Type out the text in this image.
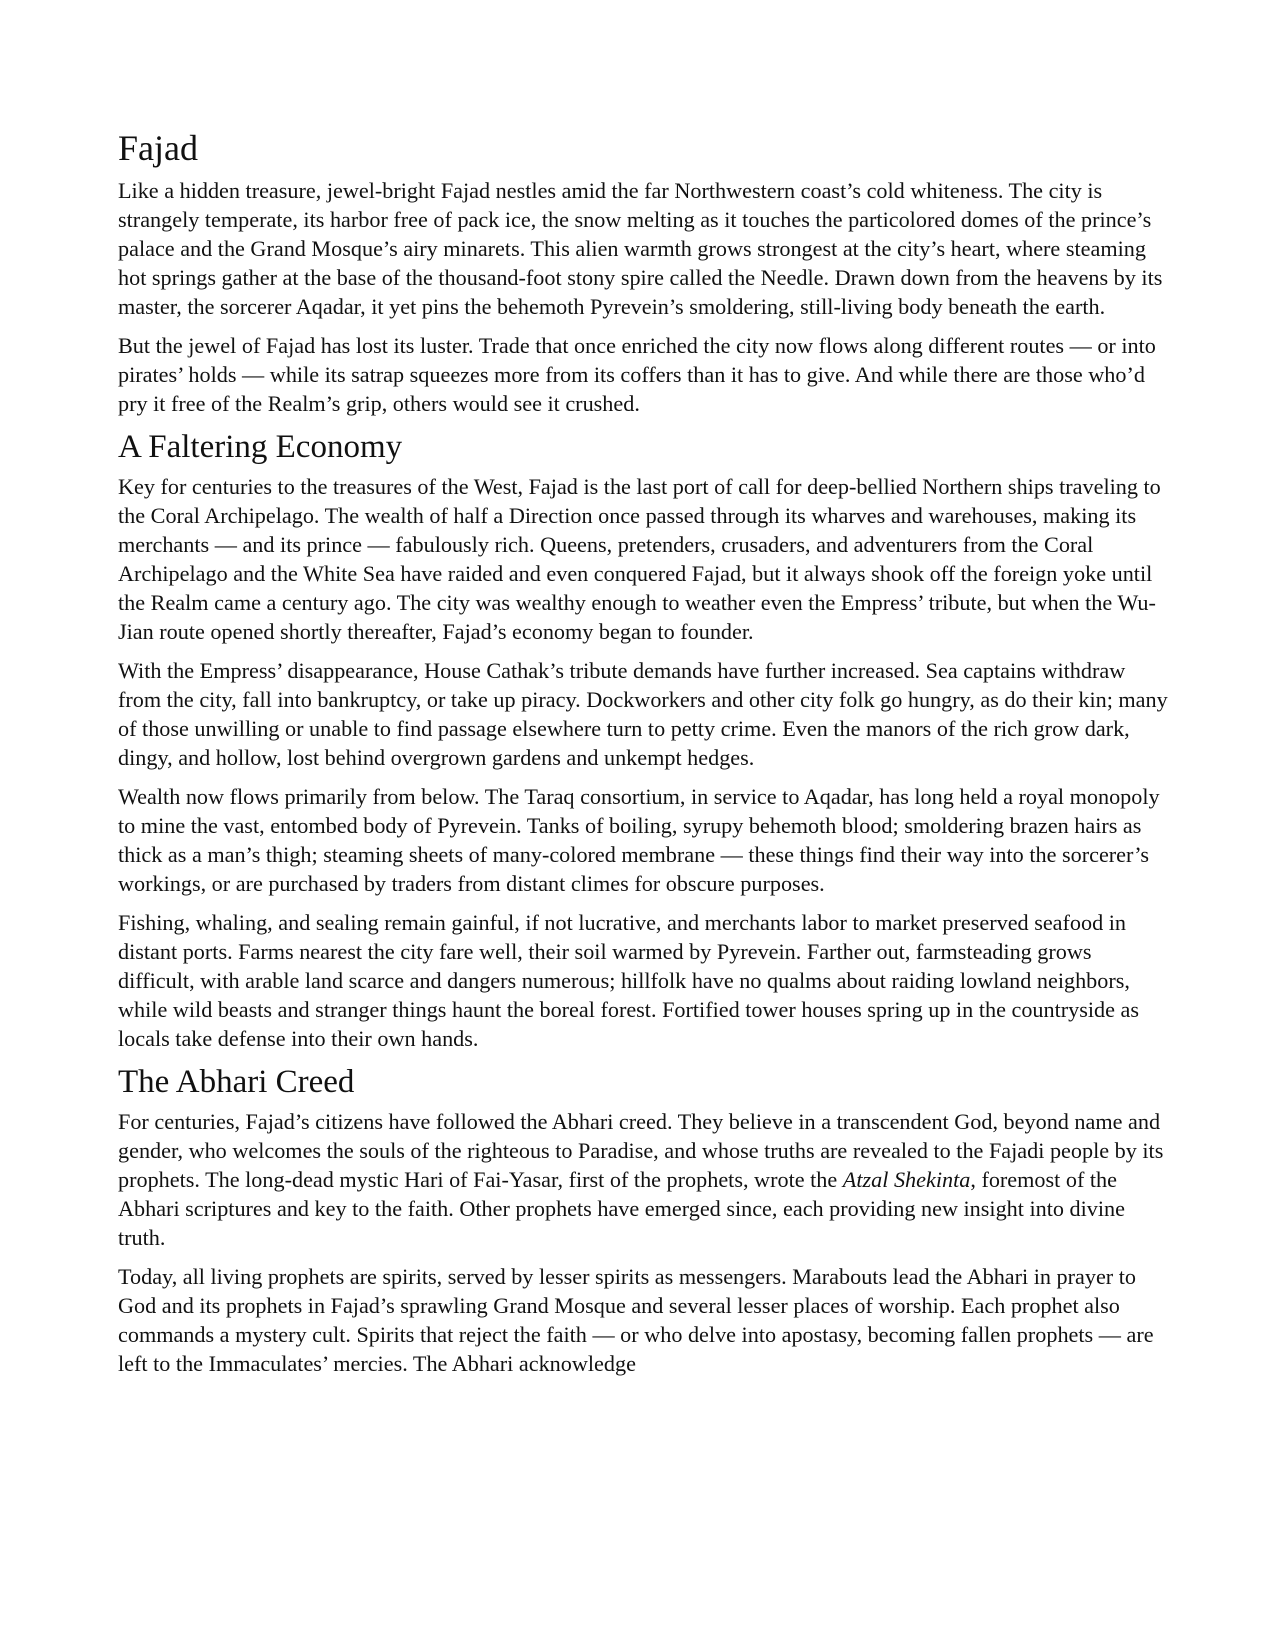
Fajad

Like a hidden treasure, jewel-bright Fajad nestles amid the far Northwestern coast’s cold whiteness. The city is strangely temperate, its harbor free of pack ice, the snow melting as it touches the particolored domes of the prince’s palace and the Grand Mosque’s airy minarets. This alien warmth grows strongest at the city’s heart, where steaming hot springs gather at the base of the thousand-foot stony spire called the Needle. Drawn down from the heavens by its master, the sorcerer Aqadar, it yet pins the behemoth Pyrevein’s smoldering, still-living body beneath the earth.

But the jewel of Fajad has lost its luster. Trade that once enriched the city now flows along different routes — or into pirates’ holds — while its satrap squeezes more from its coffers than it has to give. And while there are those who’d pry it free of the Realm’s grip, others would see it crushed.

A Faltering Economy

Key for centuries to the treasures of the West, Fajad is the last port of call for deep-bellied Northern ships traveling to the Coral Archipelago. The wealth of half a Direction once passed through its wharves and warehouses, making its merchants — and its prince — fabulously rich. Queens, pretenders, crusaders, and adventurers from the Coral Archipelago and the White Sea have raided and even conquered Fajad, but it always shook off the foreign yoke until the Realm came a century ago. The city was wealthy enough to weather even the Empress’ tribute, but when the Wu-Jian route opened shortly thereafter, Fajad’s economy began to founder.

With the Empress’ disappearance, House Cathak’s tribute demands have further increased. Sea captains withdraw from the city, fall into bankruptcy, or take up piracy. Dockworkers and other city folk go hungry, as do their kin; many of those unwilling or unable to find passage elsewhere turn to petty crime. Even the manors of the rich grow dark, dingy, and hollow, lost behind overgrown gardens and unkempt hedges.

Wealth now flows primarily from below. The Taraq consortium, in service to Aqadar, has long held a royal monopoly to mine the vast, entombed body of Pyrevein. Tanks of boiling, syrupy behemoth blood; smoldering brazen hairs as thick as a man’s thigh; steaming sheets of many-colored membrane — these things find their way into the sorcerer’s workings, or are purchased by traders from distant climes for obscure purposes.

Fishing, whaling, and sealing remain gainful, if not lucrative, and merchants labor to market preserved seafood in distant ports. Farms nearest the city fare well, their soil warmed by Pyrevein. Farther out, farmsteading grows difficult, with arable land scarce and dangers numerous; hillfolk have no qualms about raiding lowland neighbors, while wild beasts and stranger things haunt the boreal forest. Fortified tower houses spring up in the countryside as locals take defense into their own hands.

The Abhari Creed

For centuries, Fajad’s citizens have followed the Abhari creed. They believe in a transcendent God, beyond name and gender, who welcomes the souls of the righteous to Paradise, and whose truths are revealed to the Fajadi people by its prophets. The long-dead mystic Hari of Fai-Yasar, first of the prophets, wrote the Atzal Shekinta, foremost of the Abhari scriptures and key to the faith. Other prophets have emerged since, each providing new insight into divine truth.

Today, all living prophets are spirits, served by lesser spirits as messengers. Marabouts lead the Abhari in prayer to God and its prophets in Fajad’s sprawling Grand Mosque and several lesser places of worship. Each prophet also commands a mystery cult. Spirits that reject the faith — or who delve into apostasy, becoming fallen prophets — are left to the Immaculates’ mercies. The Abhari acknowledge
